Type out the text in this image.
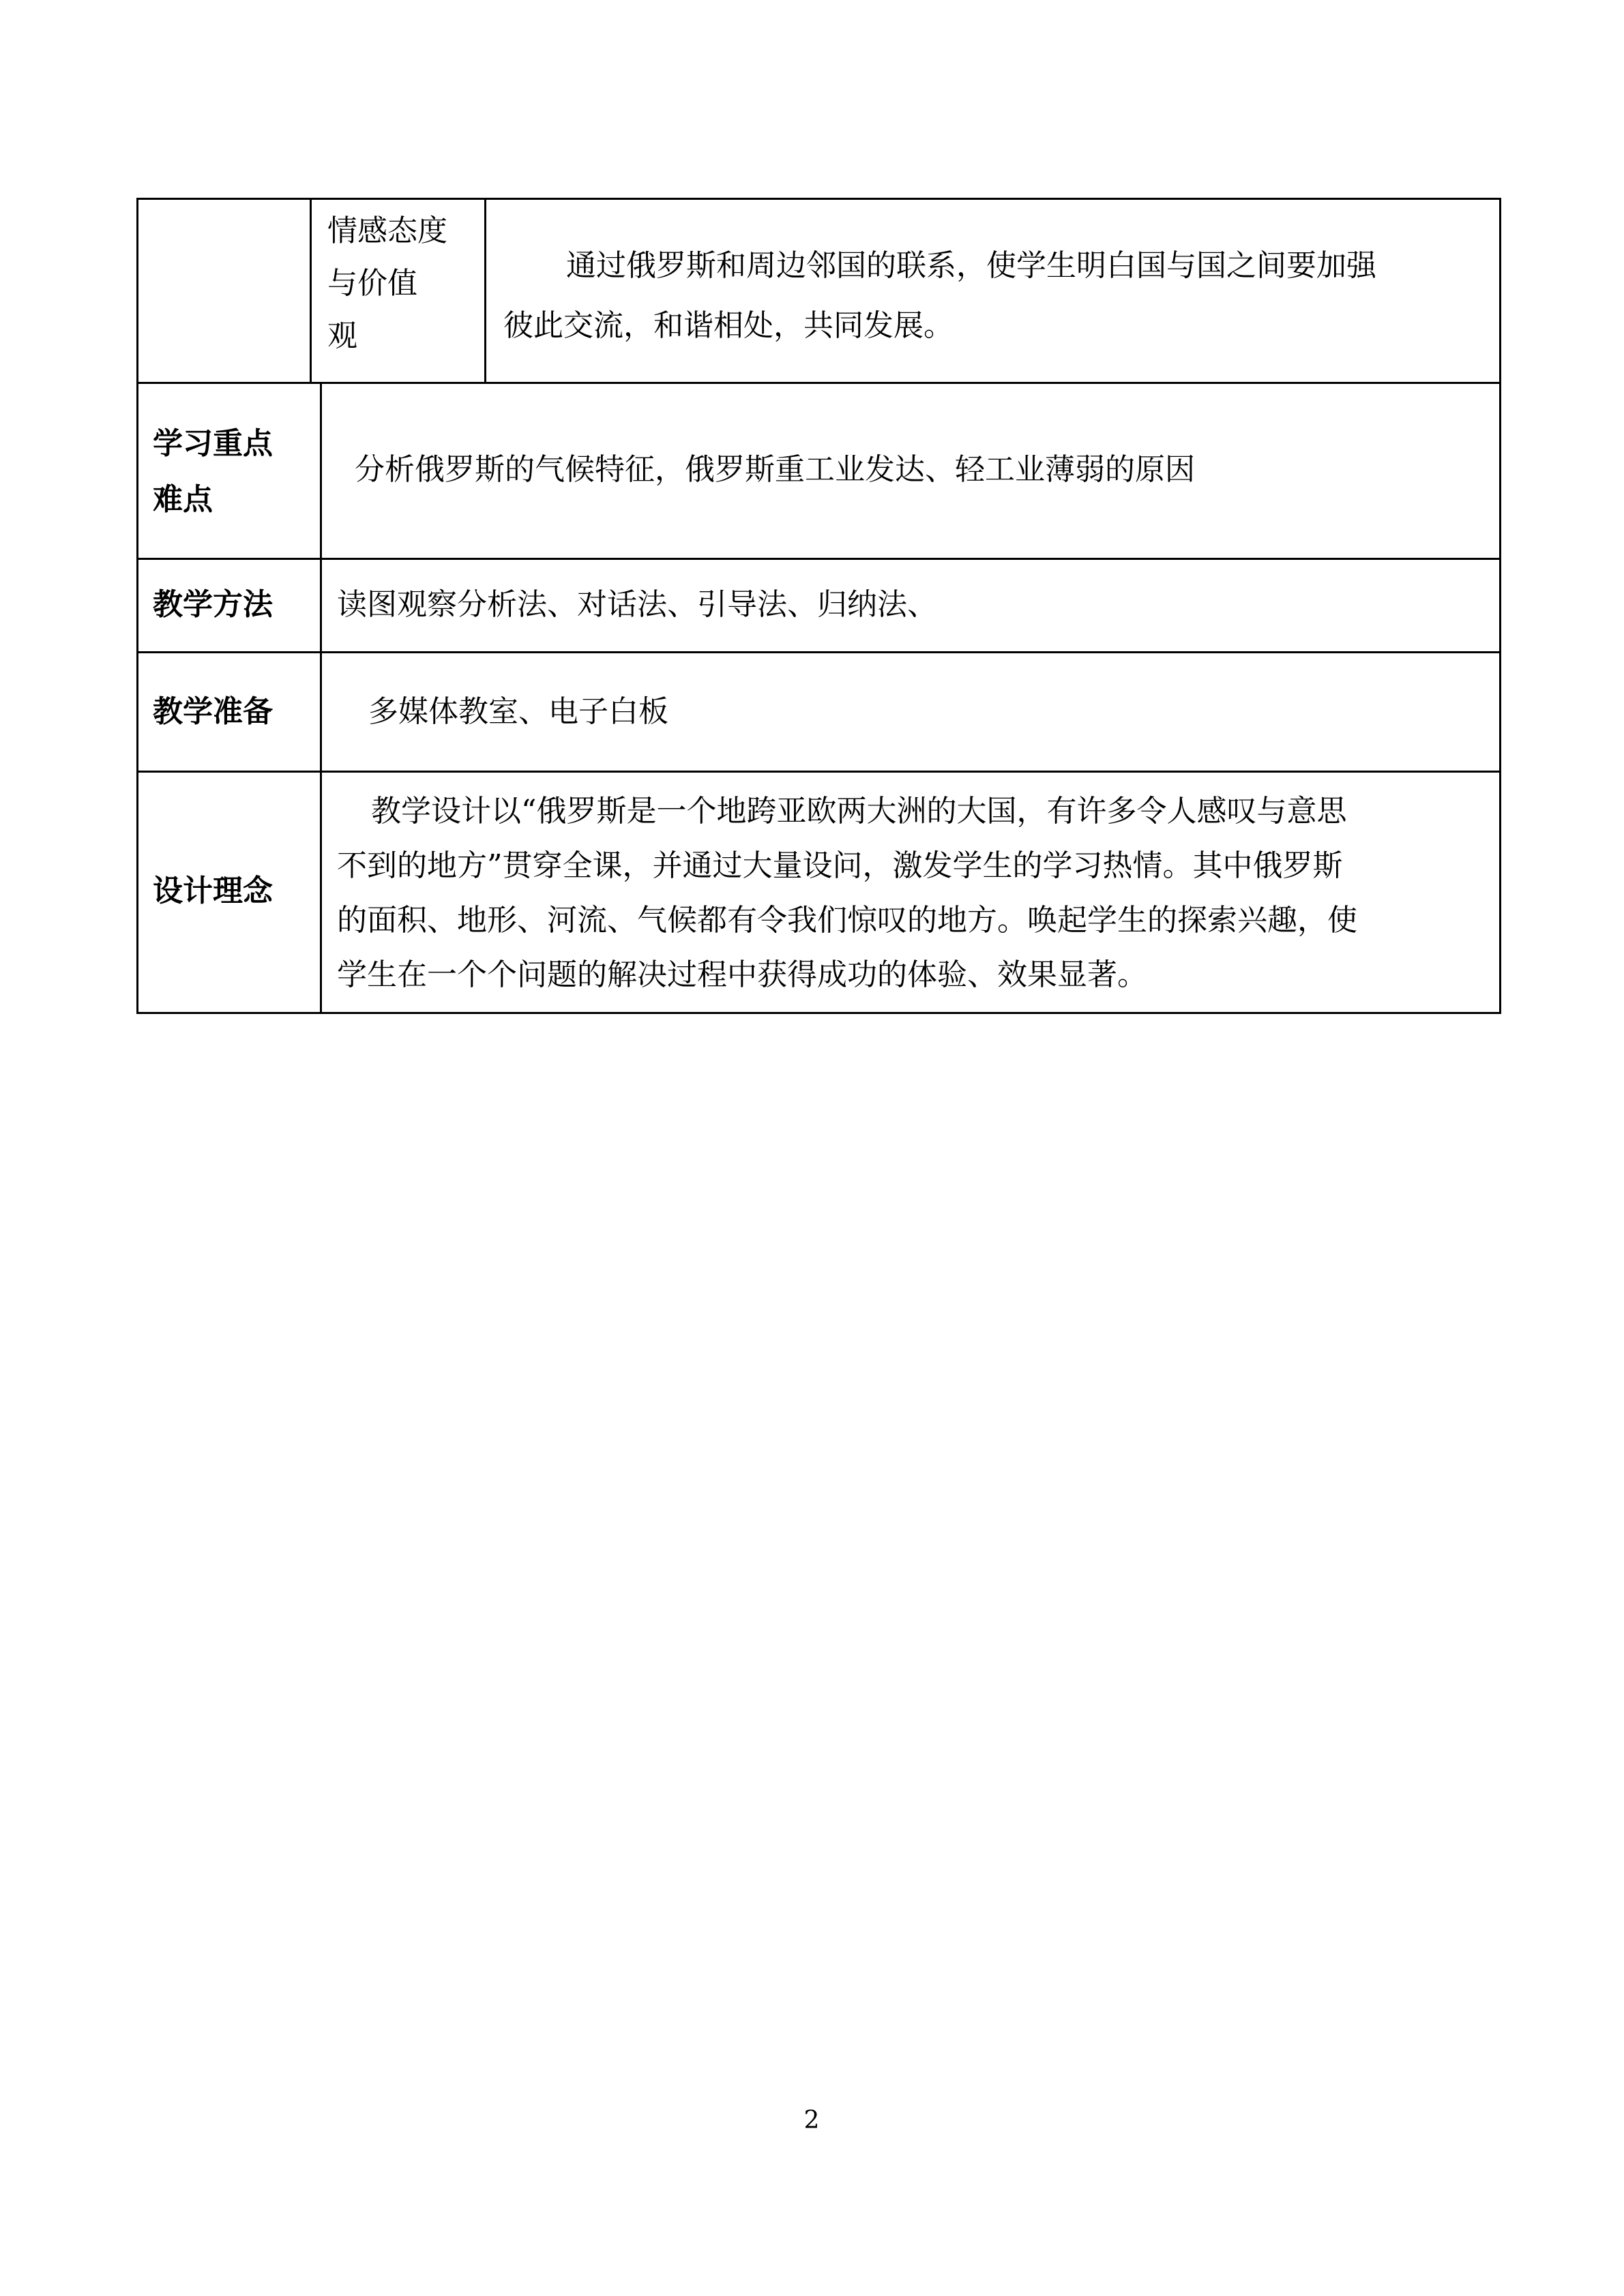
情感态度
与价值
观
通过俄罗斯和周边邻国的联系，使学生明白国与国之间要加强
彼此交流，和谐相处，共同发展。
学习重点
难点
分析俄罗斯的气候特征，俄罗斯重工业发达、轻工业薄弱的原因
教学方法	读图观察分析法、对话法、引导法、归纳法、
教学准备	多媒体教室、电子白板
设计理念
教学设计以“俄罗斯是一个地跨亚欧两大洲的大国，有许多令人感叹与意思
不到的地方”贯穿全课，并通过大量设问，激发学生的学习热情。其中俄罗斯
的面积、地形、河流、气候都有令我们惊叹的地方。唤起学生的探索兴趣，使
学生在一个个问题的解决过程中获得成功的体验、效果显著。
2
